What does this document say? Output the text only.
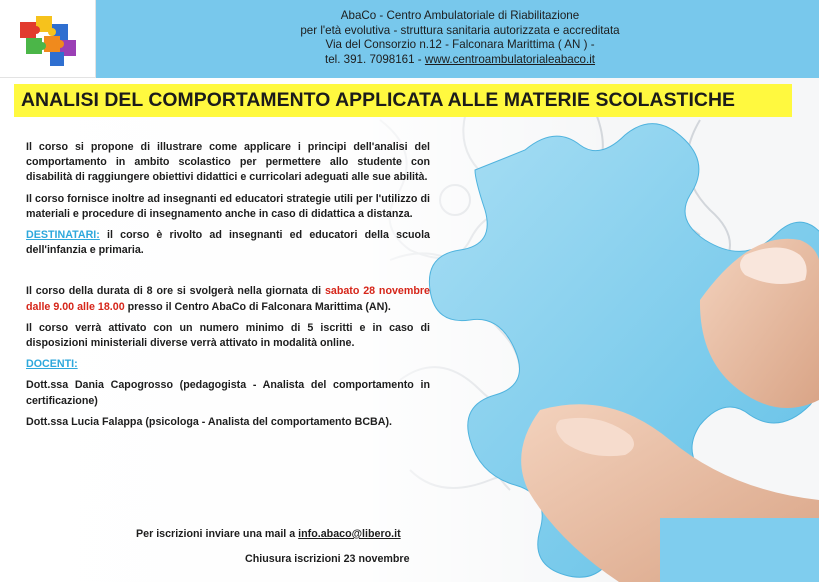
AbaCo - Centro Ambulatoriale di Riabilitazione
per l'età evolutiva - struttura sanitaria autorizzata e accreditata
Via del Consorzio n.12 - Falconara Marittima ( AN ) -
tel. 391. 7098161 - www.centroambulatorialeabaco.it
ANALISI DEL COMPORTAMENTO APPLICATA ALLE MATERIE SCOLASTICHE

Il corso si propone di illustrare come applicare i principi dell'analisi del comportamento in ambito scolastico per permettere allo studente con disabilità di raggiungere obiettivi didattici e curricolari adeguati alle sue abilità.

Il corso fornisce inoltre ad insegnanti ed educatori strategie utili per l'utilizzo di materiali e procedure di insegnamento anche in caso di didattica a distanza.

DESTINATARI: il corso è rivolto ad insegnanti ed educatori della scuola dell'infanzia e primaria.

Il corso della durata di 8 ore si svolgerà nella giornata di sabato 28 novembre dalle 9.00 alle 18.00 presso il Centro AbaCo di Falconara Marittima (AN).

Il corso verrà attivato con un numero minimo di 5 iscritti e in caso di disposizioni ministeriali diverse verrà attivato in modalità online.

DOCENTI:

Dott.ssa Dania Capogrosso (pedagogista - Analista del comportamento in certificazione)

Dott.ssa Lucia Falappa (psicologa - Analista del comportamento BCBA).

Per iscrizioni inviare una mail a info.abaco@libero.it
Chiusura iscrizioni 23 novembre
